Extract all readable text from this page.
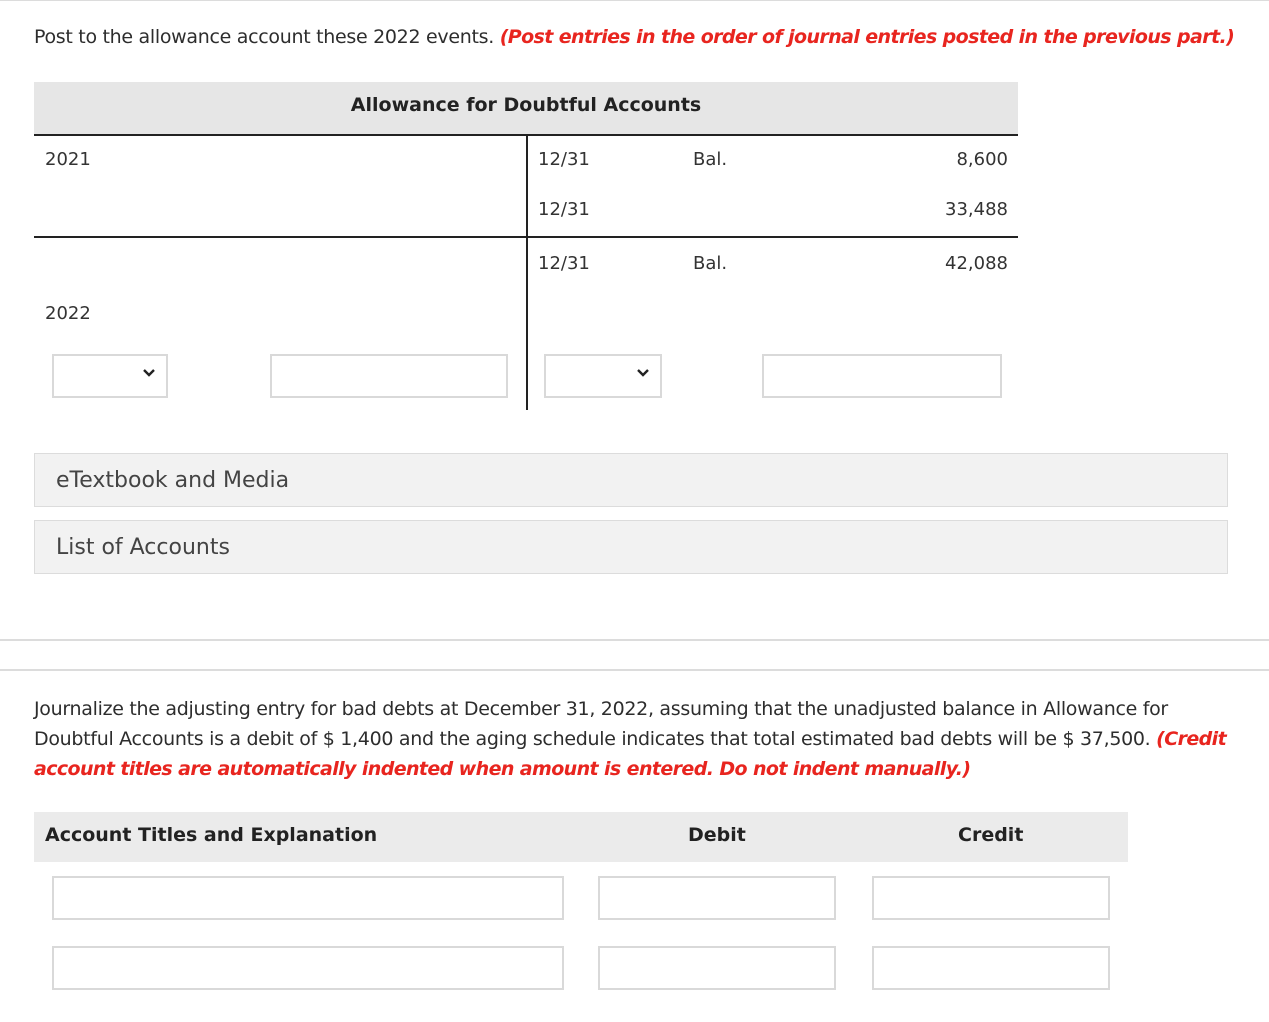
Post to the allowance account these 2022 events. (Post entries in the order of journal entries posted in the previous part.)
Allowance for Doubtful Accounts
2021
2022
12/31	Bal.	8,600
12/31	33,488
12/31	Bal.	42,088
eTextbook and Media
List of Accounts
Journalize the adjusting entry for bad debts at December 31, 2022, assuming that the unadjusted balance in Allowance for Doubtful Accounts is a debit of $ 1,400 and the aging schedule indicates that total estimated bad debts will be $ 37,500. (Credit account titles are automatically indented when amount is entered. Do not indent manually.)
Account Titles and Explanation	Debit	Credit
